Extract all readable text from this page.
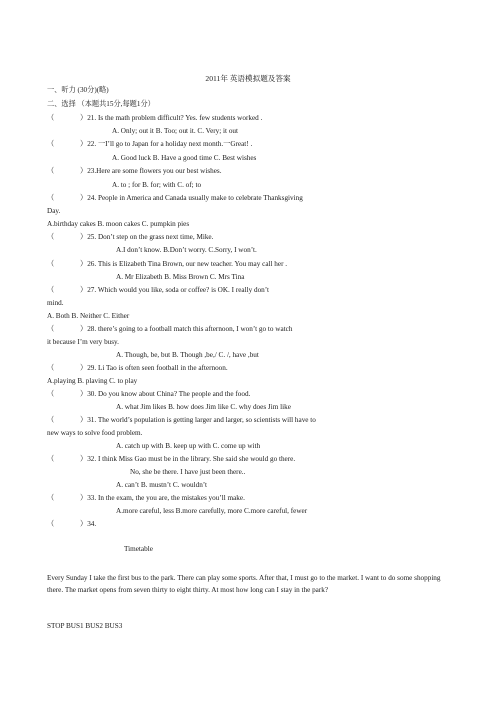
2011年 英语模拟题及答案
一、听力 (30分)(略)
二、选择 （本题共15分,每题1分）
（	）21. Is the math problem difficult? Yes. few students worked .
A. Only; out it B. Too; out it. C. Very; it out
（	）22. 一I’ll go to Japan for a holiday next month.一Great! .
A. Good luck B. Have a good time C. Best wishes
（	）23.Here are some flowers you our best wishes.
A. to ; for B. for; with C. of; to
（	）24. People in America and Canada usually make to celebrate Thanksgiving
Day.
A.birthday cakes B. moon cakes C. pumpkin pies
（	）25. Don’t step on the grass next time, Mike.
A.I don’t know. B.Don’t worry. C.Sorry, I won’t.
（	）26. This is Elizabeth Tina Brown, our new teacher. You may call her .
A. Mr Elizabeth B. Miss Brown C. Mrs Tina
（	）27. Which would you like, soda or coffee? is OK. I really don’t
mind.
A. Both B. Neither C. Either
（	）28. there’s going to a football match this afternoon, I won’t go to watch
it because I’m very busy.
A. Though, be, but B. Though ,be,/ C. /, have ,but
（	）29. Li Tao is often seen football in the afternoon.
A.playing B. plaving C. to play
（	）30. Do you know about China? The people and the food.
A. what Jim likes B. how does Jim like C. why does Jim like
（	）31. The world’s population is getting larger and larger, so scientists will have to
new ways to solve food problem.
A. catch up with B. keep up with C. come up with
（	）32. I think Miss Gao must be in the library. She said she would go there.
No, she be there. I have just been there..
A. can’t B. mustn’t C. wouldn’t
（	）33. In the exam, the you are, the mistakes you’ll make.
A.more careful, less B.more carefully, more C.more careful, fewer
（	）34.
Timetable
Every Sunday I take the first bus to the park. There can play some sports. After that, I must go to the market. I want to do some shopping there. The market opens from seven thirty to eight thirty. At most how long can I stay in the park?
STOP BUS1 BUS2 BUS3
